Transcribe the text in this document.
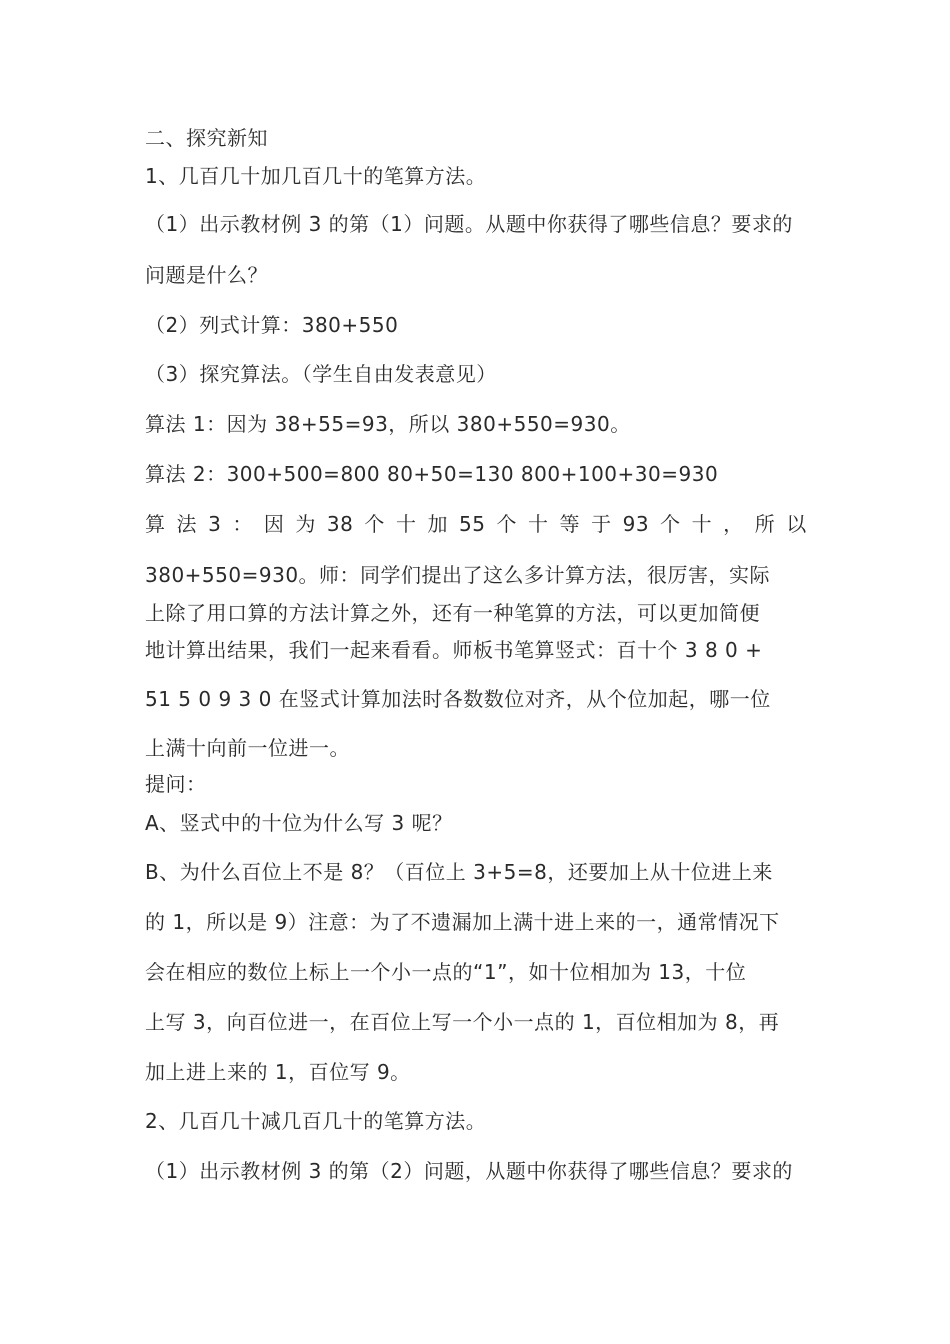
二、探究新知
1、几百几十加几百几十的笔算方法。
（1）出示教材例 3 的第（1）问题。从题中你获得了哪些信息？要求的
问题是什么？
（2）列式计算：380+550
（3）探究算法。（学生自由发表意见）
算法 1：因为 38+55=93，所以 380+550=930。
算法 2：300+500=800 80+50=130 800+100+30=930
算 法 3 ： 因 为 38 个 十 加 55 个 十 等 于 93 个 十 ， 所 以
380+550=930。师：同学们提出了这么多计算方法，很厉害，实际
上除了用口算的方法计算之外，还有一种笔算的方法，可以更加简便
地计算出结果，我们一起来看看。师板书笔算竖式：百十个 3 8 0 +
51 5 0 9 3 0 在竖式计算加法时各数数位对齐，从个位加起，哪一位
上满十向前一位进一。
提问：
A、竖式中的十位为什么写 3 呢？
B、为什么百位上不是 8？（百位上 3+5=8，还要加上从十位进上来
的 1，所以是 9）注意：为了不遗漏加上满十进上来的一，通常情况下
会在相应的数位上标上一个小一点的“1”，如十位相加为 13，十位
上写 3，向百位进一，在百位上写一个小一点的 1，百位相加为 8，再
加上进上来的 1，百位写 9。
2、几百几十减几百几十的笔算方法。
（1）出示教材例 3 的第（2）问题，从题中你获得了哪些信息？要求的
